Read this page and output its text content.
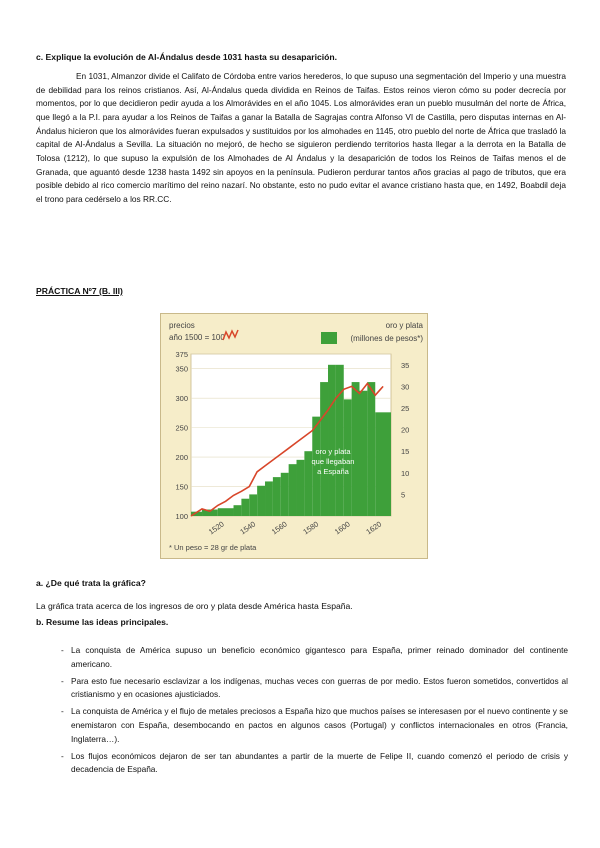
c. Explique la evolución de Al-Ándalus desde 1031 hasta su desaparición.
En 1031, Almanzor divide el Califato de Córdoba entre varios herederos, lo que supuso una segmentación del Imperio y una muestra de debilidad para los reinos cristianos. Así, Al-Ándalus queda dividida en Reinos de Taifas. Estos reinos vieron cómo su poder decrecía por momentos, por lo que decidieron pedir ayuda a los Almorávides en el año 1045. Los almorávides eran un pueblo musulmán del norte de África, que llegó a la P.I. para ayudar a los Reinos de Taifas a ganar la Batalla de Sagrajas contra Alfonso VI de Castilla, pero disputas internas en Al-Ándalus hicieron que los almorávides fueran expulsados y sustituidos por los almohades en 1145, otro pueblo del norte de África que trasladó la capital de Al-Ándalus a Sevilla. La situación no mejoró, de hecho se siguieron perdiendo territorios hasta llegar a la derrota en la Batalla de Tolosa (1212), lo que supuso la expulsión de los Almohades de Al Ándalus y la desaparición de todos los Reinos de Taifas menos el de Granada, que aguantó desde 1238 hasta 1492 sin apoyos en la península. Pudieron perdurar tantos años gracias al pago de tributos, que era posible debido al rico comercio marítimo del reino nazarí. No obstante, esto no pudo evitar el avance cristiano hasta que, en 1492, Boabdil deja el trono para cedérselo a los RR.CC.
PRÁCTICA Nº7 (B. III)
precios
año 1500 = 100
oro y plata
(millones de pesos*)
100
150
200
250
300
350
375
5
10
15
20
25
30
35
1520 1540 1560 1580 1600 1620
oro y plata
que llegaban
a España
* Un peso = 28 gr de plata
a. ¿De qué trata la gráfica?
La gráfica trata acerca de los ingresos de oro y plata desde América hasta España.
b. Resume las ideas principales.
- La conquista de América supuso un beneficio económico gigantesco para España, primer reinado dominador del continente americano.
- Para esto fue necesario esclavizar a los indígenas, muchas veces con guerras de por medio. Estos fueron sometidos, convertidos al cristianismo y en ocasiones ajusticiados.
- La conquista de América y el flujo de metales preciosos a España hizo que muchos países se interesasen por el nuevo continente y se enemistaron con España, desembocando en pactos en algunos casos (Portugal) y conflictos internacionales en otros (Francia, Inglaterra…).
- Los flujos económicos dejaron de ser tan abundantes a partir de la muerte de Felipe II, cuando comenzó el periodo de crisis y decadencia de España.
